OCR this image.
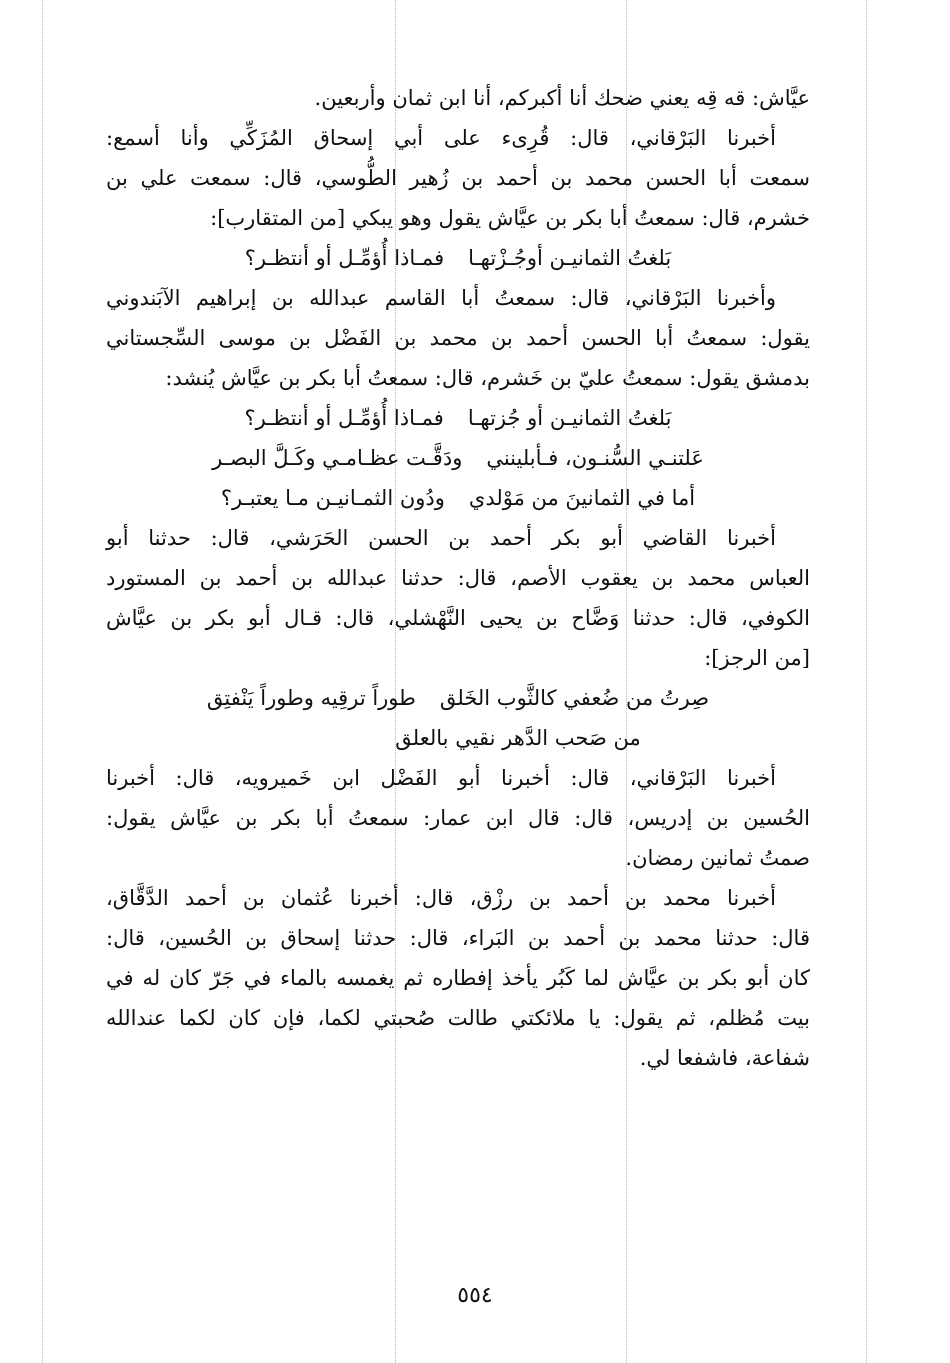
عيَّاش: قه قِه يعني ضحك أنا أكبركم، أنا ابن ثمان وأربعين.
أخبرنا البَرْقاني، قال: قُرِىء على أبي إسحاق المُزَكِّي وأنا أسمع:
سمعت أبا الحسن محمد بن أحمد بن زُهير الطُّوسي، قال: سمعت علي بن
خشرم، قال: سمعتُ أبا بكر بن عيَّاش يقول وهو يبكي [من المتقارب]:
بَلغتُ الثمانيـن أوجُـزْتهـافمـاذا أُؤمِّـل أو أنتظـر؟
وأخبرنا البَرْقاني، قال: سمعتُ أبا القاسم عبدالله بن إبراهيم الآبَندوني
يقول: سمعتُ أبا الحسن أحمد بن محمد بن الفَضْل بن موسى السِّجستاني
بدمشق يقول: سمعتُ عليّ بن خَشرم، قال: سمعتُ أبا بكر بن عيَّاش يُنشد:
بَلغتُ الثمانيـن أو جُزتهـافمـاذا أُؤمِّـل أو أنتظـر؟
عَلتنـي السُّنـون، فـأبليننيودَقَّـت عظـامـي وكَـلَّ البصـر
أما في الثمانينَ من مَوْلديودُون الثمـانيـن مـا يعتبـر؟
أخبرنا القاضي أبو بكر أحمد بن الحسن الحَرَشي، قال: حدثنا أبو
العباس محمد بن يعقوب الأصم، قال: حدثنا عبدالله بن أحمد بن المستورد
الكوفي، قال: حدثنا وَضَّاح بن يحيى النَّهْشلي، قال: قـال أبو بكر بن عيَّاش
[من الرجز]:
صِرتُ من ضُعفي كالثَّوب الخَلقطوراً ترقِيه وطوراً يَنْفتِق
من صَحب الدَّهر نقيي بالعلق
أخبرنا البَرْقاني، قال: أخبرنا أبو الفَضْل ابن خَميرويه، قال: أخبرنا
الحُسين بن إدريس، قال: قال ابن عمار: سمعتُ أبا بكر بن عيَّاش يقول:
صمتُ ثمانين رمضان.
أخبرنا محمد بن أحمد بن رزْق، قال: أخبرنا عُثمان بن أحمد الدَّقَّاق،
قال: حدثنا محمد بن أحمد بن البَراء، قال: حدثنا إسحاق بن الحُسين، قال:
كان أبو بكر بن عيَّاش لما كَبُر يأخذ إفطاره ثم يغمسه بالماء في جَرّ كان له في
بيت مُظلم، ثم يقول: يا ملائكتي طالت صُحبتي لكما، فإن كان لكما عندالله
شفاعة، فاشفعا لي.
٥٥٤
